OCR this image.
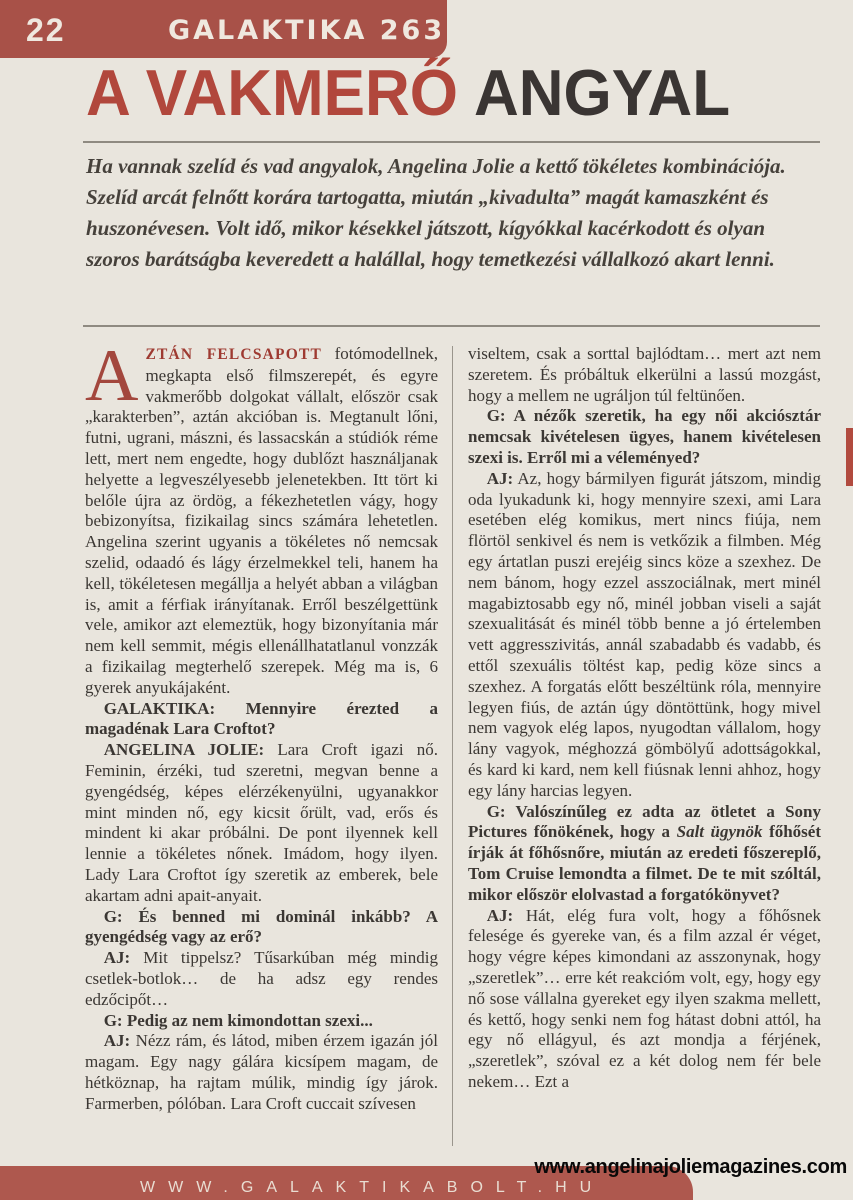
22	GALAKTIKA 263
A VAKMERŐ ANGYAL

Ha vannak szelíd és vad angyalok, Angelina Jolie a kettő tökéletes kombinációja. Szelíd arcát felnőtt korára tartogatta, miután „kivadulta” magát kamaszként és huszonévesen. Volt idő, mikor késekkel játszott, kígyókkal kacérkodott és olyan szoros barátságba keveredett a halállal, hogy temetkezési vállalkozó akart lenni.

AZTÁN FELCSAPOTT fotómodellnek, megkapta első filmszerepét, és egyre vakmerőbb dolgokat vállalt, először csak „karakterben”, aztán akcióban is. Megtanult lőni, futni, ugrani, mászni, és lassacskán a stúdiók réme lett, mert nem engedte, hogy dublőzt használjanak helyette a legveszélyesebb jelenetekben. Itt tört ki belőle újra az ördög, a fékezhetetlen vágy, hogy bebizonyítsa, fizikailag sincs számára lehetetlen. Angelina szerint ugyanis a tökéletes nő nemcsak szelid, odaadó és lágy érzelmekkel teli, hanem ha kell, tökéletesen megállja a helyét abban a világban is, amit a férfiak irányítanak. Erről beszélgettünk vele, amikor azt elemeztük, hogy bizonyítania már nem kell semmit, mégis ellenállhatatlanul vonzzák a fizikailag megterhelő szerepek. Még ma is, 6 gyerek anyukájaként.

GALAKTIKA: Mennyire érezted a magadénak Lara Croftot?

ANGELINA JOLIE: Lara Croft igazi nő. Feminin, érzéki, tud szeretni, megvan benne a gyengédség, képes elérzékenyülni, ugyanakkor mint minden nő, egy kicsit őrült, vad, erős és mindent ki akar próbálni. De pont ilyennek kell lennie a tökéletes nőnek. Imádom, hogy ilyen. Lady Lara Croftot így szeretik az emberek, bele akartam adni apait-anyait.

G: És benned mi dominál inkább? A gyengédség vagy az erő?

AJ: Mit tippelsz? Tűsarkúban még mindig csetlek-botlok… de ha adsz egy rendes edzőcipőt…

G: Pedig az nem kimondottan szexi...

AJ: Nézz rám, és látod, miben érzem igazán jól magam. Egy nagy gálára kicsípem magam, de hétköznap, ha rajtam múlik, mindig így járok. Farmerben, pólóban. Lara Croft cuccait szívesen

viseltem, csak a sorttal bajlódtam… mert azt nem szeretem. És próbáltuk elkerülni a lassú mozgást, hogy a mellem ne ugráljon túl feltünően.

G: A nézők szeretik, ha egy női akciósztár nemcsak kivételesen ügyes, hanem kivételesen szexi is. Erről mi a véleményed?

AJ: Az, hogy bármilyen figurát játszom, mindig oda lyukadunk ki, hogy mennyire szexi, ami Lara esetében elég komikus, mert nincs fiúja, nem flörtöl senkivel és nem is vetkőzik a filmben. Még egy ártatlan puszi erejéig sincs köze a szexhez. De nem bánom, hogy ezzel asszociálnak, mert minél magabiztosabb egy nő, minél jobban viseli a saját szexualitását és minél több benne a jó értelemben vett aggresszivitás, annál szabadabb és vadabb, és ettől szexuális töltést kap, pedig köze sincs a szexhez. A forgatás előtt beszéltünk róla, mennyire legyen fiús, de aztán úgy döntöttünk, hogy mivel nem vagyok elég lapos, nyugodtan vállalom, hogy lány vagyok, méghozzá gömbölyű adottságokkal, és kard ki kard, nem kell fiúsnak lenni ahhoz, hogy egy lány harcias legyen.

G: Valószínűleg ez adta az ötletet a Sony Pictures főnökének, hogy a Salt ügynök főhősét írják át főhősnőre, miután az eredeti főszereplő, Tom Cruise lemondta a filmet. De te mit szóltál, mikor először elolvastad a forgatókönyvet?

AJ: Hát, elég fura volt, hogy a főhősnek felesége és gyereke van, és a film azzal ér véget, hogy végre képes kimondani az asszonynak, hogy „szeretlek”… erre két reakcióm volt, egy, hogy egy nő sose vállalna gyereket egy ilyen szakma mellett, és kettő, hogy senki nem fog hátast dobni attól, ha egy nő ellágyul, és azt mondja a férjének, „szeretlek”, szóval ez a két dolog nem fér bele nekem… Ezt a

WWW.GALAKTIKABOLT.HU
www.angelinajoliemagazines.com
